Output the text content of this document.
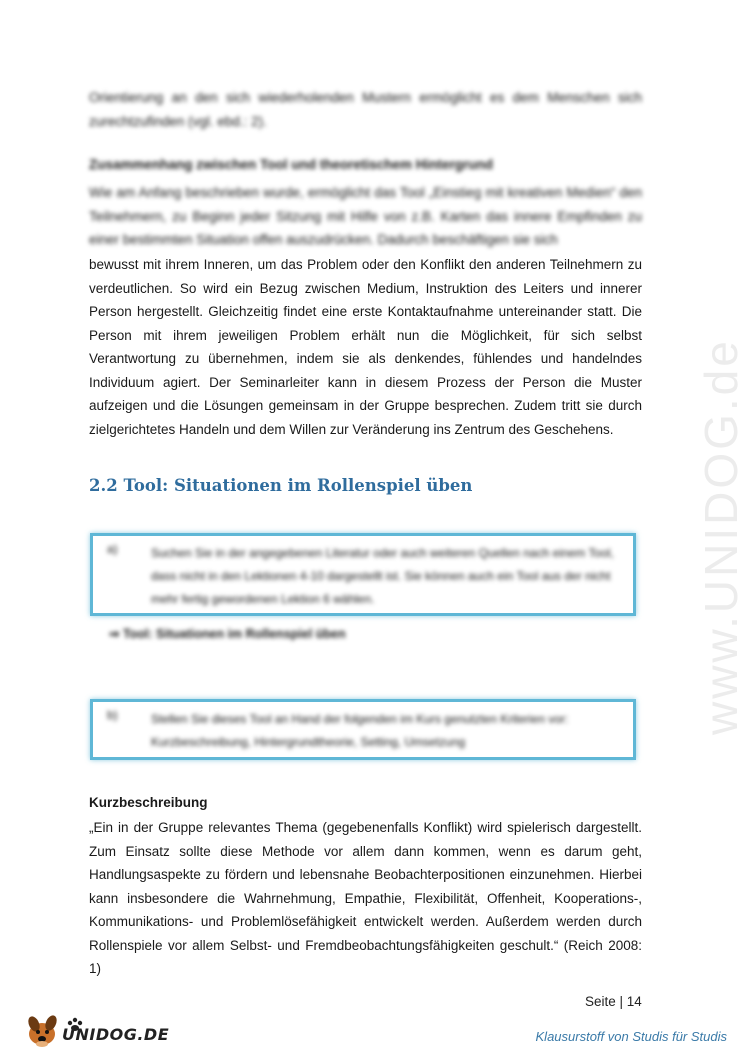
Orientierung an den sich wiederholenden Mustern ermöglicht es dem Menschen sich zurechtzufinden (vgl. ebd.: 2).
Zusammenhang zwischen Tool und theoretischem Hintergrund
Wie am Anfang beschrieben wurde, ermöglicht das Tool „Einstieg mit kreativen Medien“ den Teilnehmern, zu Beginn jeder Sitzung mit Hilfe von z.B. Karten das innere Empfinden zu einer bestimmten Situation offen auszudrücken. Dadurch beschäftigen sie sich
bewusst mit ihrem Inneren, um das Problem oder den Konflikt den anderen Teilnehmern zu verdeutlichen. So wird ein Bezug zwischen Medium, Instruktion des Leiters und innerer Person hergestellt. Gleichzeitig findet eine erste Kontaktaufnahme untereinander statt. Die Person mit ihrem jeweiligen Problem erhält nun die Möglichkeit, für sich selbst Verantwortung zu übernehmen, indem sie als denkendes, fühlendes und handelndes Individuum agiert. Der Seminarleiter kann in diesem Prozess der Person die Muster aufzeigen und die Lösungen gemeinsam in der Gruppe besprechen. Zudem tritt sie durch zielgerichtetes Handeln und dem Willen zur Veränderung ins Zentrum des Geschehens.
2.2 Tool: Situationen im Rollenspiel üben
a)	Suchen Sie in der angegebenen Literatur oder auch weiteren Quellen nach einem Tool, dass nicht in den Lektionen 4-10 dargestellt ist. Sie können auch ein Tool aus der nicht mehr fertig gewordenen Lektion 6 wählen.
⇒ Tool: Situationen im Rollenspiel üben
b)	Stellen Sie dieses Tool an Hand der folgenden im Kurs genutzten Kriterien vor: Kurzbeschreibung, Hintergrundtheorie, Setting, Umsetzung
Kurzbeschreibung
„Ein in der Gruppe relevantes Thema (gegebenenfalls Konflikt) wird spielerisch dargestellt. Zum Einsatz sollte diese Methode vor allem dann kommen, wenn es darum geht, Handlungsaspekte zu fördern und lebensnahe Beobachterpositionen einzunehmen. Hierbei kann insbesondere die Wahrnehmung, Empathie, Flexibilität, Offenheit, Kooperations-, Kommunikations- und Problemlösefähigkeit entwickelt werden. Außerdem werden durch Rollenspiele vor allem Selbst- und Fremdbeobachtungsfähigkeiten geschult.“ (Reich 2008: 1)
Seite | 14
www.UNIDOG.de
UNIDOG.DE	Klausurstoff von Studis für Studis
